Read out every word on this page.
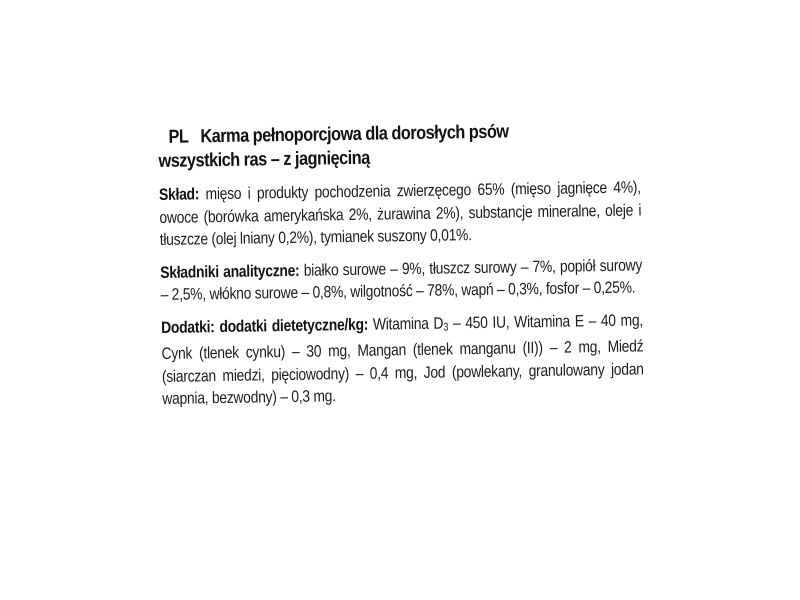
PL Karma pełnoporcjowa dla dorosłych psów
wszystkich ras – z jagnięciną
Skład: mięso i produkty pochodzenia zwierzęcego 65% (mięso jagnięce 4%), owoce (borówka amerykańska 2%, żurawina 2%), substancje mineralne, oleje i tłuszcze (olej lniany 0,2%), tymianek suszony 0,01%.
Składniki analityczne: białko surowe – 9%, tłuszcz surowy – 7%, popiół surowy – 2,5%, włókno surowe – 0,8%, wilgotność – 78%, wapń – 0,3%, fosfor – 0,25%.
Dodatki: dodatki dietetyczne/kg: Witamina D3 – 450 IU, Witamina E – 40 mg, Cynk (tlenek cynku) – 30 mg, Mangan (tlenek manganu (II)) – 2 mg, Miedź (siarczan miedzi, pięciowodny) – 0,4 mg, Jod (powlekany, granulowany jodan wapnia, bezwodny) – 0,3 mg.
